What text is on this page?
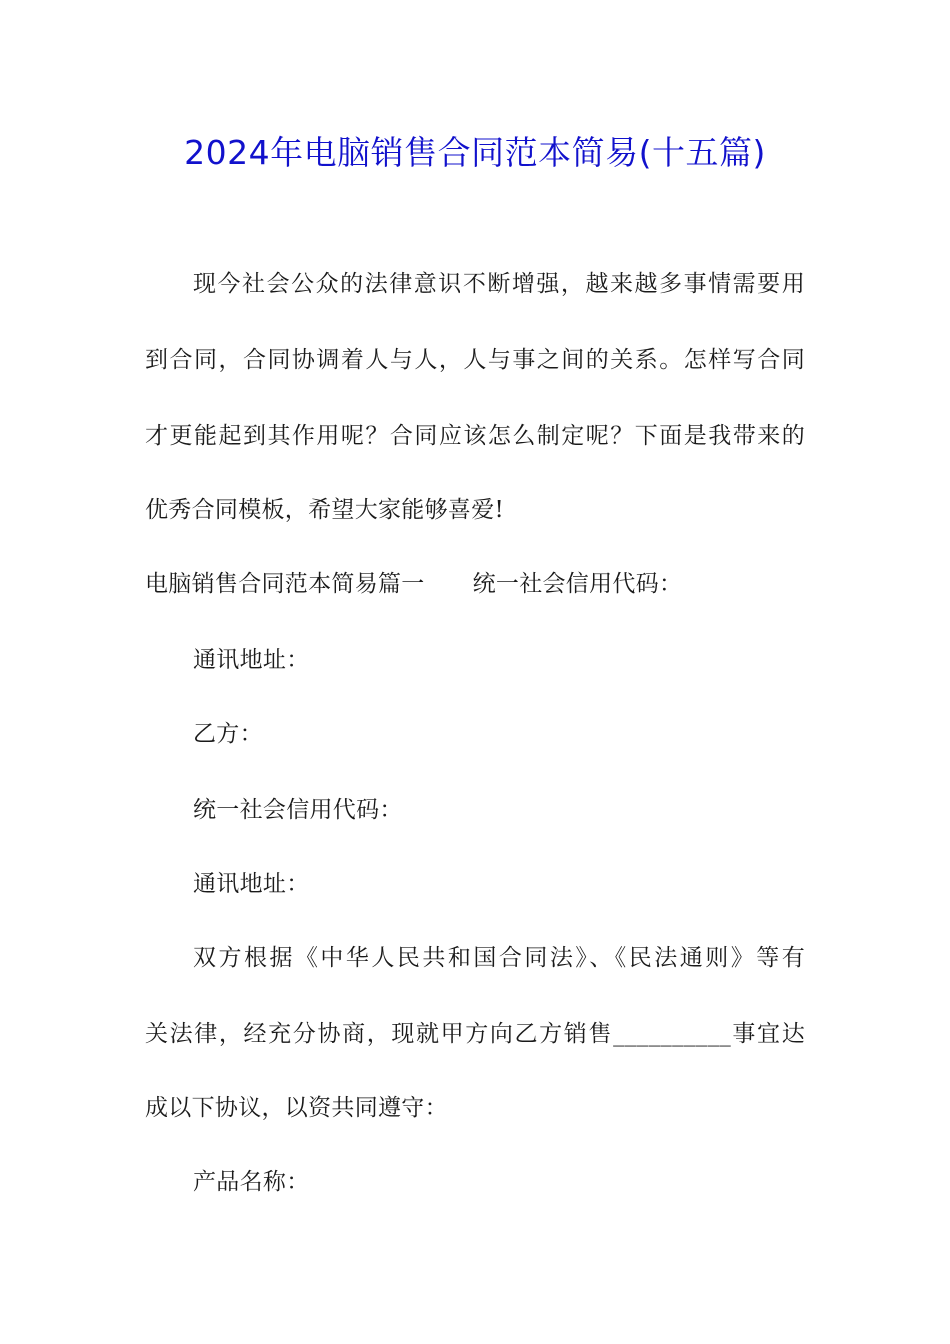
2024年电脑销售合同范本简易(十五篇)
现今社会公众的法律意识不断增强，越来越多事情需要用
到合同，合同协调着人与人，人与事之间的关系。怎样写合同
才更能起到其作用呢？合同应该怎么制定呢？下面是我带来的
优秀合同模板，希望大家能够喜爱!
电脑销售合同范本简易篇一 统一社会信用代码：
通讯地址：
乙方：
统一社会信用代码：
通讯地址：
双方根据《中华人民共和国合同法》、《民法通则》等有
关法律，经充分协商，现就甲方向乙方销售__________事宜达
成以下协议，以资共同遵守：
产品名称：
